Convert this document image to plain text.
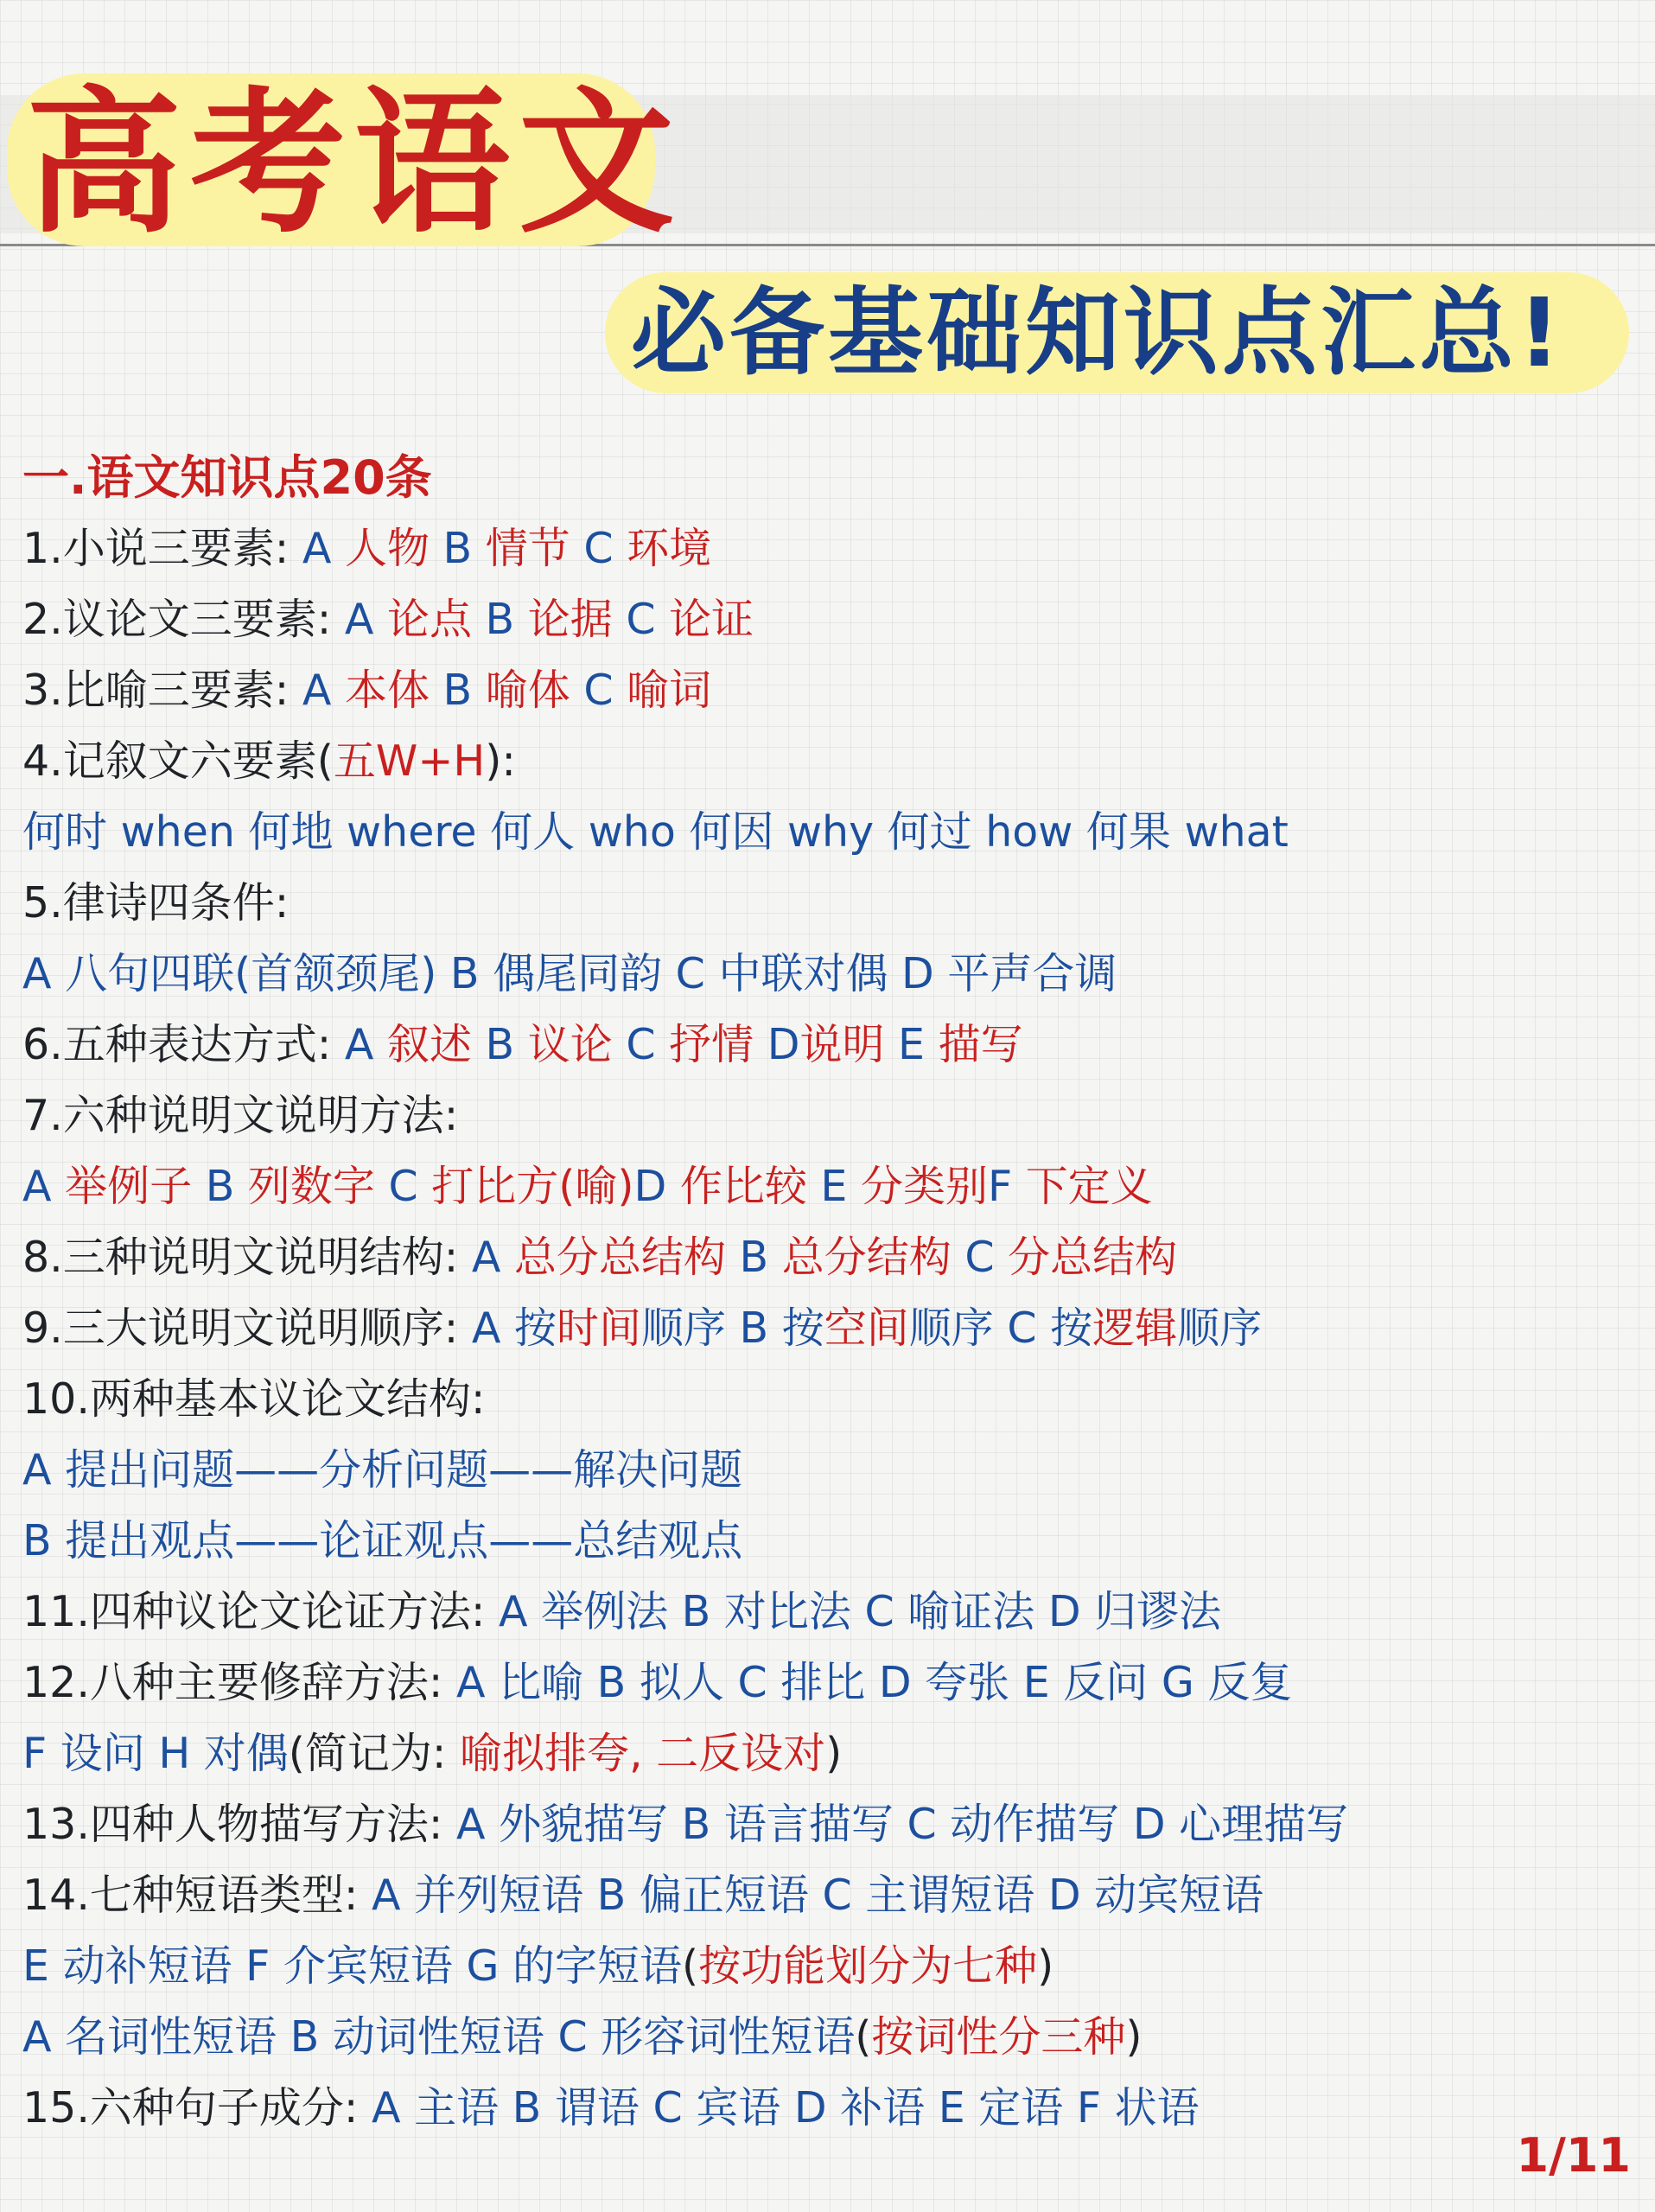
高考语文
必备基础知识点汇总!
一.语文知识点20条
1.小说三要素: A 人物 B 情节 C 环境
2.议论文三要素: A 论点 B 论据 C 论证
3.比喻三要素: A 本体 B 喻体 C 喻词
4.记叙文六要素(五W+H):
何时 when 何地 where 何人 who 何因 why 何过 how 何果 what
5.律诗四条件:
A 八句四联(首颔颈尾) B 偶尾同韵 C 中联对偶 D 平声合调
6.五种表达方式: A 叙述 B 议论 C 抒情 D说明 E 描写
7.六种说明文说明方法:
A 举例子 B 列数字 C 打比方(喻)D 作比较 E 分类别F 下定义
8.三种说明文说明结构: A 总分总结构 B 总分结构 C 分总结构
9.三大说明文说明顺序: A 按时间顺序 B 按空间顺序 C 按逻辑顺序
10.两种基本议论文结构:
A 提出问题——分析问题——解决问题
B 提出观点——论证观点——总结观点
11.四种议论文论证方法: A 举例法 B 对比法 C 喻证法 D 归谬法
12.八种主要修辞方法: A 比喻 B 拟人 C 排比 D 夸张 E 反问 G 反复
F 设问 H 对偶(简记为: 喻拟排夸, 二反设对)
13.四种人物描写方法: A 外貌描写 B 语言描写 C 动作描写 D 心理描写
14.七种短语类型: A 并列短语 B 偏正短语 C 主谓短语 D 动宾短语
E 动补短语 F 介宾短语 G 的字短语(按功能划分为七种)
A 名词性短语 B 动词性短语 C 形容词性短语(按词性分三种)
15.六种句子成分: A 主语 B 谓语 C 宾语 D 补语 E 定语 F 状语
1/11
